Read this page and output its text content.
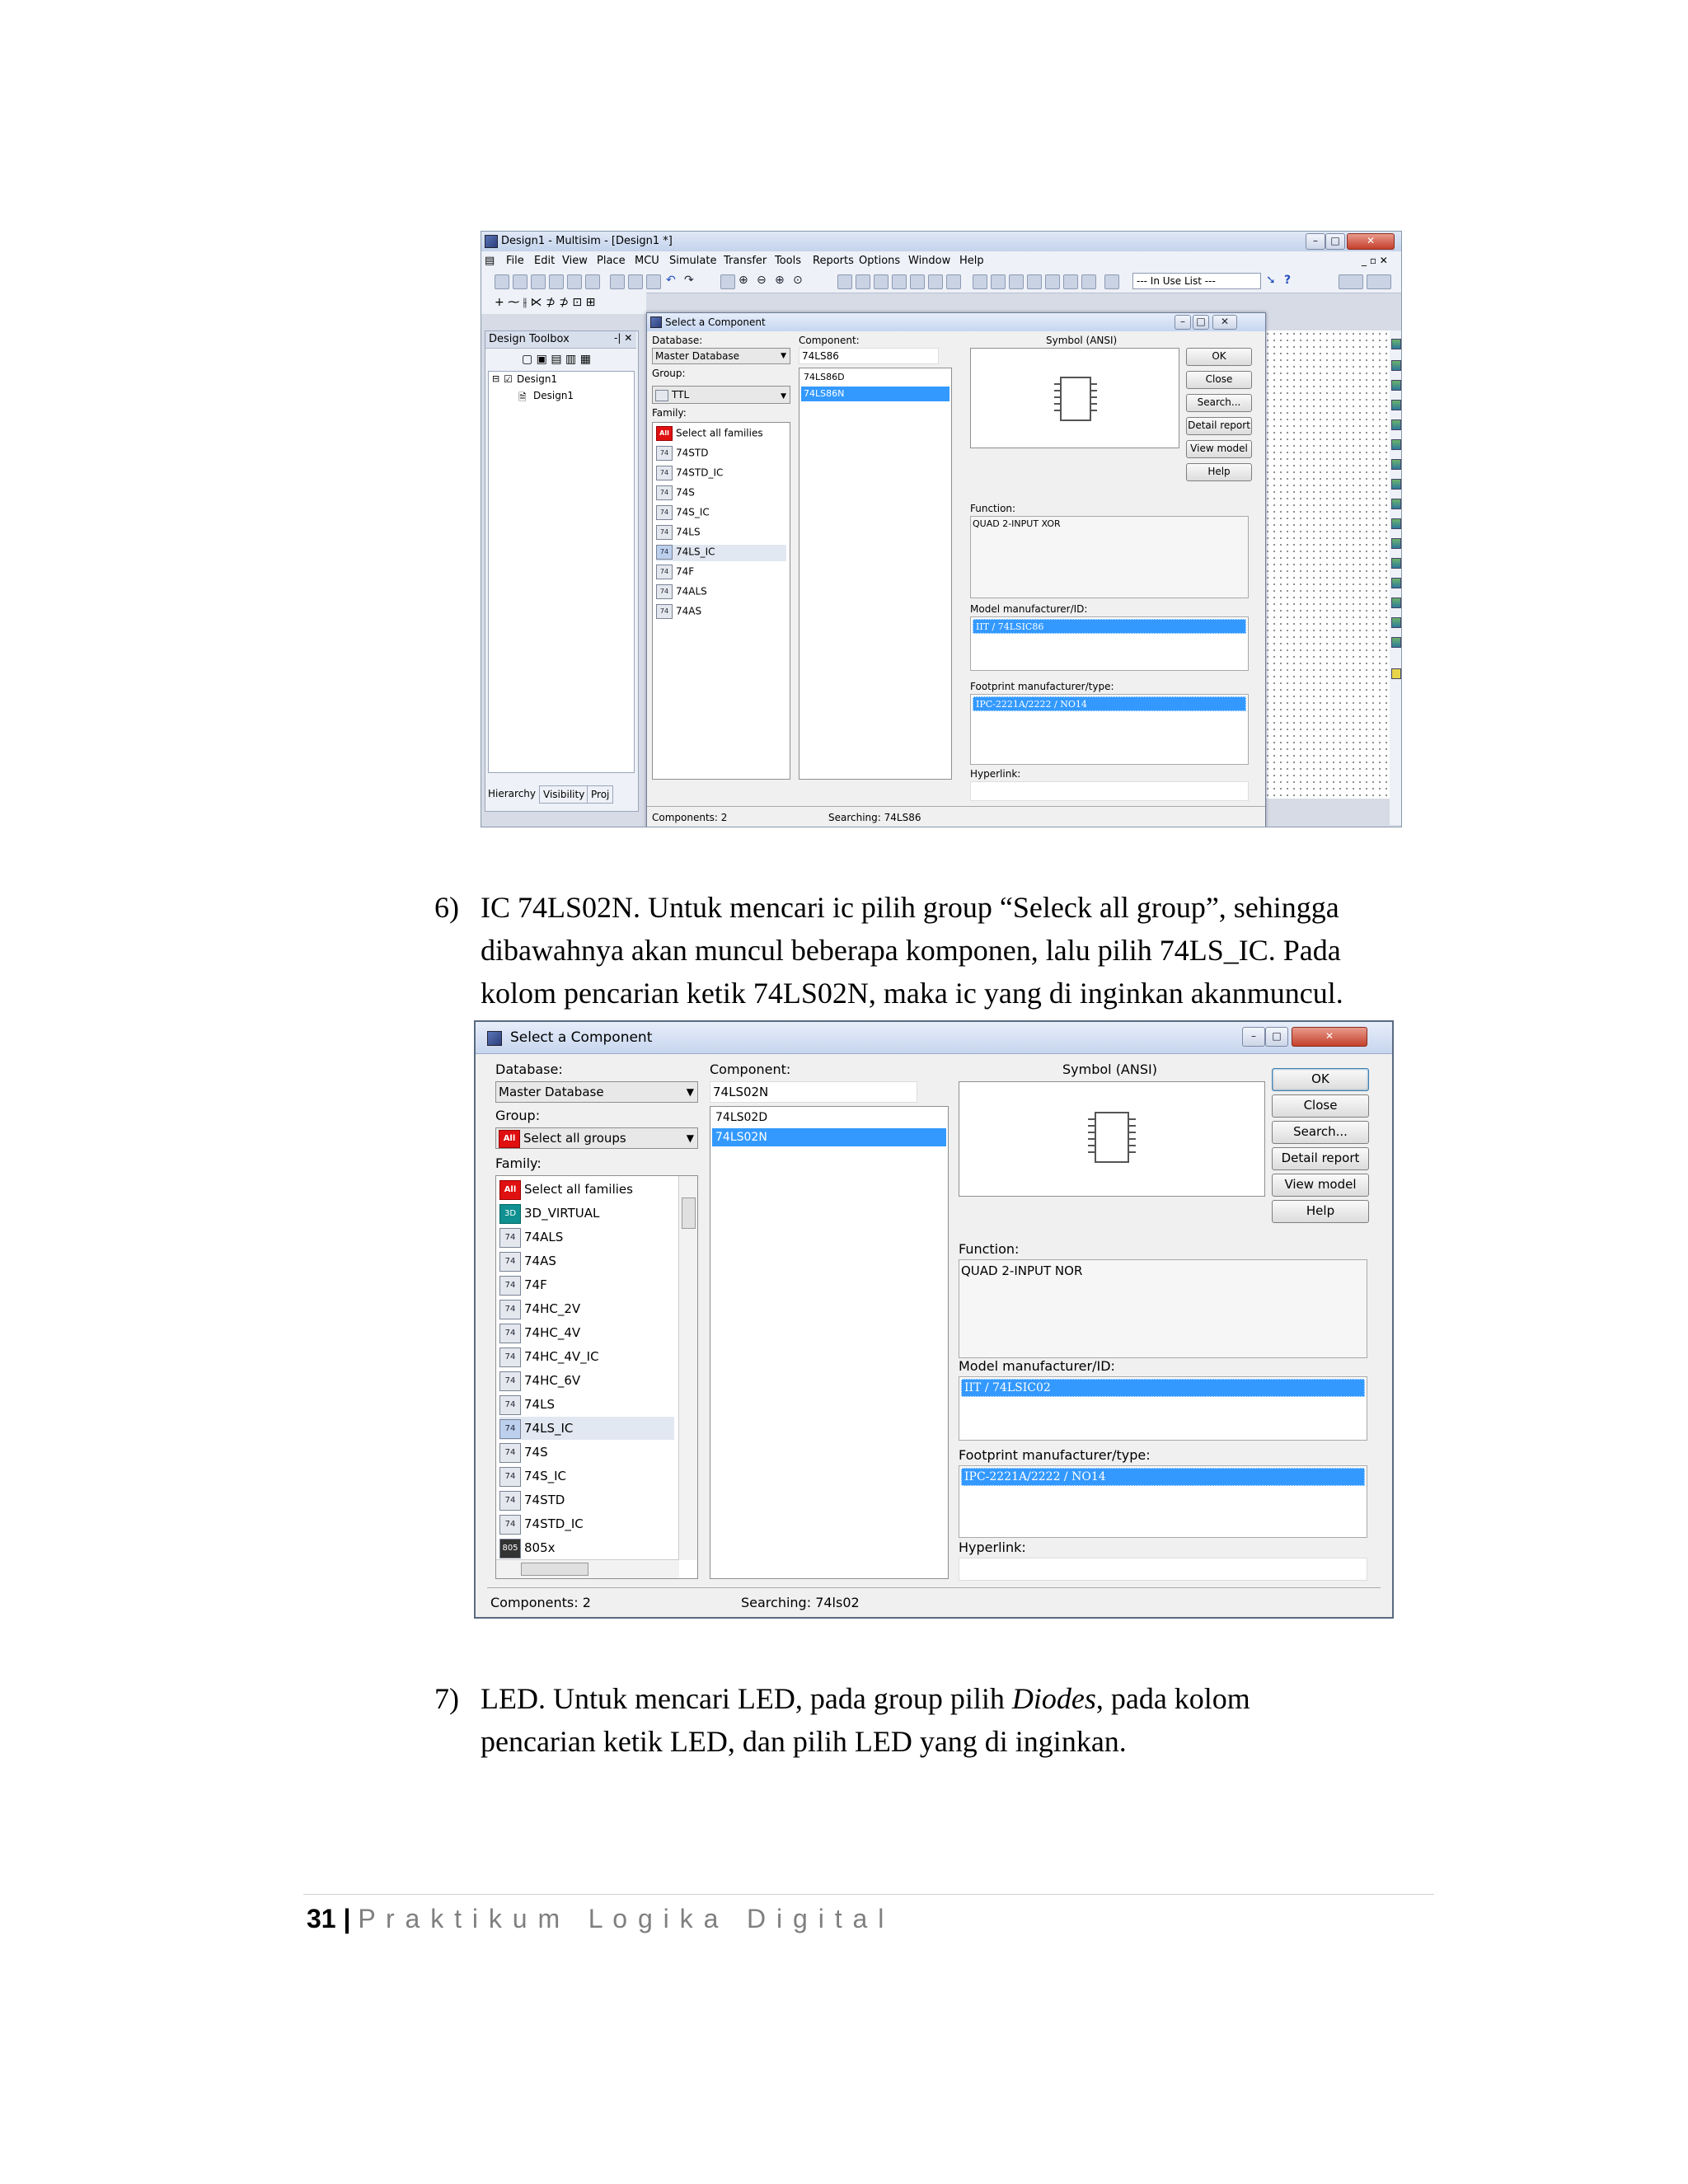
Design1 - Multisim - [Design1 *]	–	□	✕
▤ File Edit View Place MCU Simulate Transfer Tools Reports Options Window Help	_ ▫ ✕
↶ ↷	⊕ ⊖ ⊕ ⊙	--- In Use List ---	➘ ?
+ ⁓ ⫲ ⋉ ⊅ ⊅ ⊡ ⊞
Design Toolbox	-| ✕
▢ ▣ ▤ ▥ ▦
⊟ ☑ Design1
🗎 Design1
Hierarchy Visibility Proj
Select a Component	–	□	✕
Database:
Master Database	▼
Group:
TTL	▼
Family:
All Select all families
74 74STD
74 74STD_IC
74 74S
74 74S_IC
74 74LS
74 74LS_IC
74 74F
74 74ALS
74 74AS
Component:
74LS86
74LS86D
74LS86N
Symbol (ANSI)
OK
Close
Search...
Detail report
View model
Help
Function:
QUAD 2-INPUT XOR
Model manufacturer/ID:
IIT / 74LSIC86
Footprint manufacturer/type:
IPC-2221A/2222 / NO14
Hyperlink:
Components: 2	Searching: 74LS86
6) IC 74LS02N. Untuk mencari ic pilih group “Seleck all group”, sehingga
dibawahnya akan muncul beberapa komponen, lalu pilih 74LS_IC. Pada
kolom pencarian ketik 74LS02N, maka ic yang di inginkan akanmuncul.
Select a Component	–	□	✕
Database:
Master Database	▼
Group:
All Select all groups	▼
Family:
All Select all families
3D 3D_VIRTUAL
74 74ALS
74 74AS
74 74F
74 74HC_2V
74 74HC_4V
74 74HC_4V_IC
74 74HC_6V
74 74LS
74 74LS_IC
74 74S
74 74S_IC
74 74STD
74 74STD_IC
805 805x
Component:
74LS02N
74LS02D
74LS02N
Symbol (ANSI)
OK
Close
Search...
Detail report
View model
Help
Function:
QUAD 2-INPUT NOR
Model manufacturer/ID:
IIT / 74LSIC02
Footprint manufacturer/type:
IPC-2221A/2222 / NO14
Hyperlink:
Components: 2	Searching: 74ls02
7) LED. Untuk mencari LED, pada group pilih Diodes, pada kolom
pencarian ketik LED, dan pilih LED yang di inginkan.
31 | P r a k t i k u m   L o g i k a   D i g i t a l
